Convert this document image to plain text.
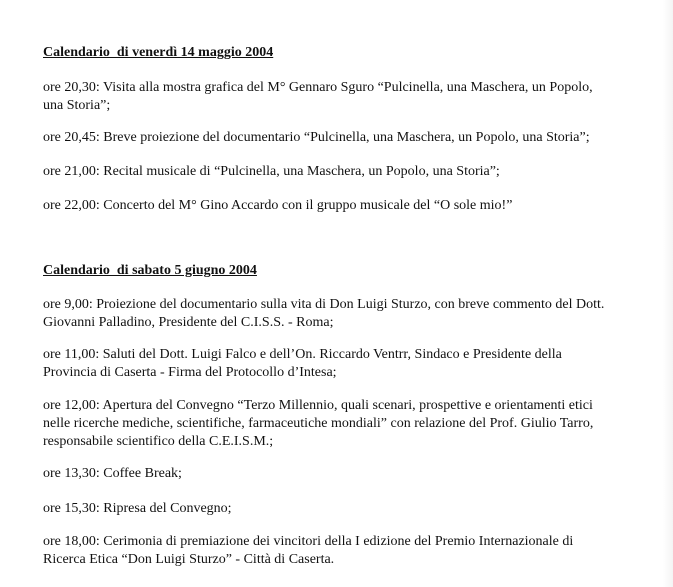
Calendario  di venerdì 14 maggio 2004
ore 20,30: Visita alla mostra grafica del M° Gennaro Sguro “Pulcinella, una Maschera, un Popolo,
una Storia”;
ore 20,45: Breve proiezione del documentario “Pulcinella, una Maschera, un Popolo, una Storia”;
ore 21,00: Recital musicale di “Pulcinella, una Maschera, un Popolo, una Storia”;
ore 22,00: Concerto del M° Gino Accardo con il gruppo musicale del “O sole mio!”
Calendario  di sabato 5 giugno 2004
ore 9,00: Proiezione del documentario sulla vita di Don Luigi Sturzo, con breve commento del Dott.
Giovanni Palladino, Presidente del C.I.S.S. - Roma;
ore 11,00: Saluti del Dott. Luigi Falco e dell’On. Riccardo Ventrr, Sindaco e Presidente della
Provincia di Caserta - Firma del Protocollo d’Intesa;
ore 12,00: Apertura del Convegno “Terzo Millennio, quali scenari, prospettive e orientamenti etici
nelle ricerche mediche, scientifiche, farmaceutiche mondiali” con relazione del Prof. Giulio Tarro,
responsabile scientifico della C.E.I.S.M.;
ore 13,30: Coffee Break;
ore 15,30: Ripresa del Convegno;
ore 18,00: Cerimonia di premiazione dei vincitori della I edizione del Premio Internazionale di
Ricerca Etica “Don Luigi Sturzo” - Città di Caserta.
